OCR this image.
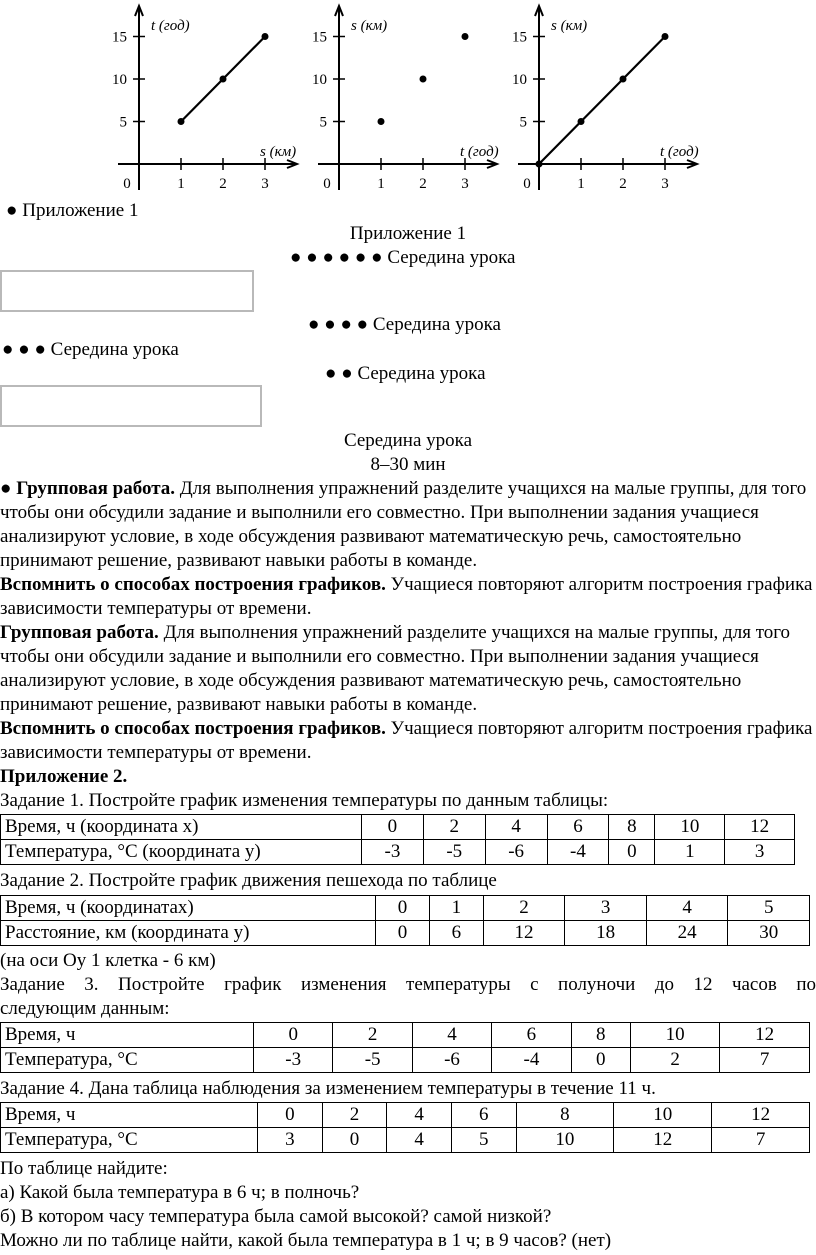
t (год)
s (км)
15
10
5
0	1 2 3
s (км)
t (год)
15
10
5
0	1 2 3
s (км)
t (год)
15
10
5
0	1 2 3
● Приложение 1
Приложение 1
● ● ● ● ● ● Середина урока
● ● ● ● Середина урока
● ● ● Середина урока
● ● Середина урока
Середина урока
8–30 мин

● Групповая работа. Для выполнения упражнений разделите учащихся на малые группы, для того чтобы они обсудили задание и выполнили его совместно. При выполнении задания учащиеся анализируют условие, в ходе обсуждения развивают математическую речь, самостоятельно принимают решение, развивают навыки работы в команде.

Вспомнить о способах построения графиков. Учащиеся повторяют алгоритм построения графика зависимости температуры от времени.

Групповая работа. Для выполнения упражнений разделите учащихся на малые группы, для того чтобы они обсудили задание и выполнили его совместно. При выполнении задания учащиеся анализируют условие, в ходе обсуждения развивают математическую речь, самостоятельно принимают решение, развивают навыки работы в команде.

Вспомнить о способах построения графиков. Учащиеся повторяют алгоритм построения графика зависимости температуры от времени.

Приложение 2.
Задание 1. Постройте график изменения температуры по данным таблицы:
Время, ч (координата х)	0	2	4	6	8	10	12
Температура, °С (координата у)	-3	-5	-6	-4	0	1	3
Задание 2. Постройте график движения пешехода по таблице
Время, ч (координатах)	0	1	2	3	4	5
Расстояние, км (координата у)	0	6	12	18	24	30
(на оси Оу 1 клетка - 6 км)
Задание 3. Постройте график изменения температуры с полуночи до 12 часов по
следующим данным:
Время, ч	0	2	4	6	8	10	12
Температура, °С	-3	-5	-6	-4	0	2	7
Задание 4. Дана таблица наблюдения за изменением температуры в течение 11 ч.
Время, ч	0	2	4	6	8	10	12
Температура, °С	3	0	4	5	10	12	7
По таблице найдите:
а) Какой была температура в 6 ч; в полночь?
б) В котором часу температура была самой высокой? самой низкой?
Можно ли по таблице найти, какой была температура в 1 ч; в 9 часов? (нет)
